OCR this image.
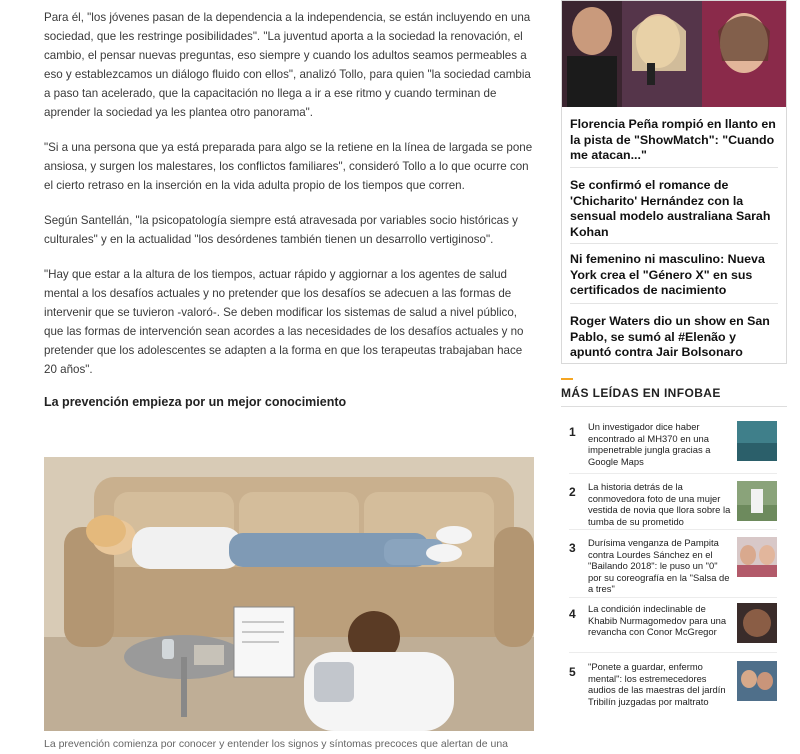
Para él, "los jóvenes pasan de la dependencia a la independencia, se están incluyendo en una sociedad, que les restringe posibilidades". "La juventud aporta a la sociedad la renovación, el cambio, el pensar nuevas preguntas, eso siempre y cuando los adultos seamos permeables a eso y establezcamos un diálogo fluido con ellos", analizó Tollo, para quien "la sociedad cambia a paso tan acelerado, que la capacitación no llega a ir a ese ritmo y cuando terminan de aprender la sociedad ya les plantea otro panorama".

"Si a una persona que ya está preparada para algo se la retiene en la línea de largada se pone ansiosa, y surgen los malestares, los conflictos familiares", consideró Tollo a lo que ocurre con el cierto retraso en la inserción en la vida adulta propio de los tiempos que corren.

Según Santellán, "la psicopatología siempre está atravesada por variables socio históricas y culturales" y en la actualidad "los desórdenes también tienen un desarrollo vertiginoso".

"Hay que estar a la altura de los tiempos, actuar rápido y aggiornar a los agentes de salud mental a los desafíos actuales y no pretender que los desafíos se adecuen a las formas de intervenir que se tuvieron -valoró-. Se deben modificar los sistemas de salud a nivel público, que las formas de intervención sean acordes a las necesidades de los desafíos actuales y no pretender que los adolescentes se adapten a la forma en que los terapeutas trabajaban hace 20 años".

La prevención empieza por un mejor conocimiento
La prevención comienza por conocer y entender los signos y síntomas precoces que alertan de una
Florencia Peña rompió en llanto en la pista de "ShowMatch": "Cuando me atacan..."
Se confirmó el romance de 'Chicharito' Hernández con la sensual modelo australiana Sarah Kohan
Ni femenino ni masculino: Nueva York crea el "Género X" en sus certificados de nacimiento
Roger Waters dio un show en San Pablo, se sumó al #Elenão y apuntó contra Jair Bolsonaro
MÁS LEÍDAS EN INFOBAE
1 Un investigador dice haber encontrado al MH370 en una impenetrable jungla gracias a Google Maps
2 La historia detrás de la conmovedora foto de una mujer vestida de novia que llora sobre la tumba de su prometido
3 Durísima venganza de Pampita contra Lourdes Sánchez en el "Bailando 2018": le puso un "0" por su coreografía en la "Salsa de a tres"
4 La condición indeclinable de Khabib Nurmagomedov para una revancha con Conor McGregor
5 "Ponete a guardar, enfermo mental": los estremecedores audios de las maestras del jardín Tribilín juzgadas por maltrato
